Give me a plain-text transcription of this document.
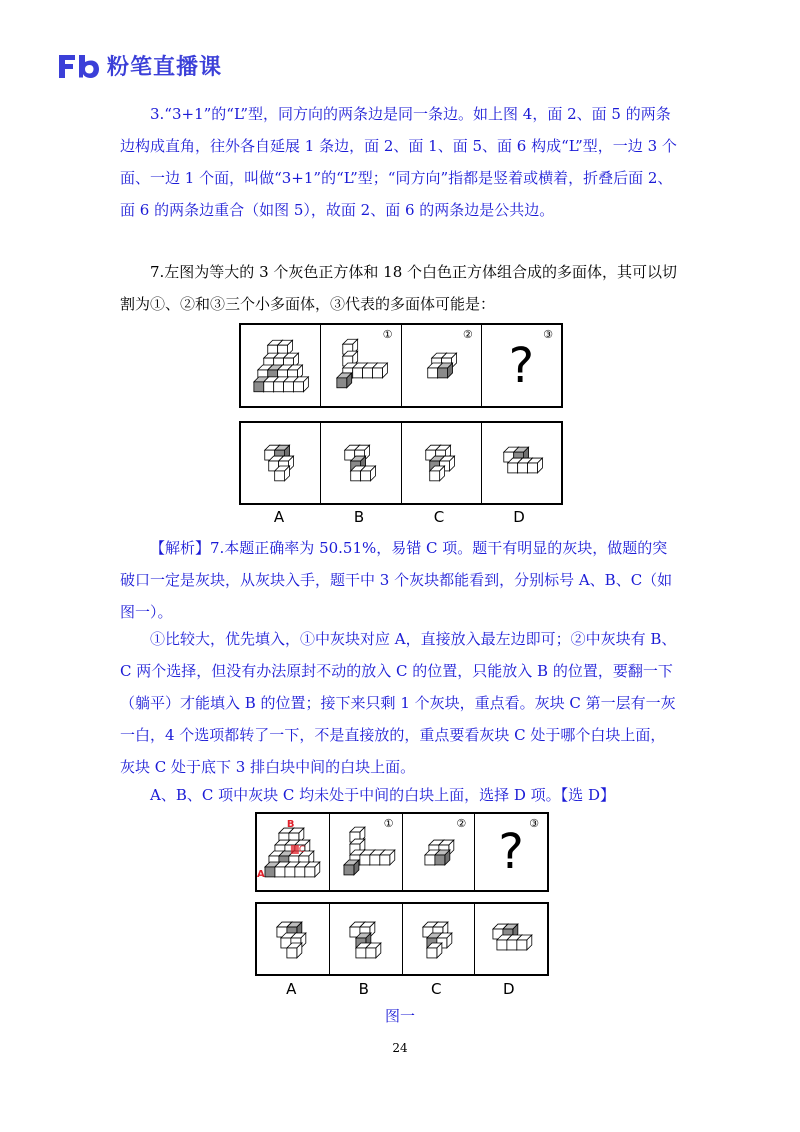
粉笔直播课
3.“3+1”的“L”型，同方向的两条边是同一条边。如上图 4，面 2、面 5 的两条边构成直角，往外各自延展 1 条边，面 2、面 1、面 5、面 6 构成“L”型，一边 3 个面、一边 1 个面，叫做“3+1”的“L”型；“同方向”指都是竖着或横着，折叠后面 2、面 6 的两条边重合（如图 5），故面 2、面 6 的两条边是公共边。
7.左图为等大的 3 个灰色正方体和 18 个白色正方体组合成的多面体，其可以切割为①、②和③三个小多面体，③代表的多面体可能是：
①	②	③
?
A	B	C	D
【解析】7.本题正确率为 50.51%，易错 C 项。题干有明显的灰块，做题的突破口一定是灰块，从灰块入手，题干中 3 个灰块都能看到，分别标号 A、B、C（如图一）。
①比较大，优先填入，①中灰块对应 A，直接放入最左边即可；②中灰块有 B、C 两个选择，但没有办法原封不动的放入 C 的位置，只能放入 B 的位置，要翻一下（躺平）才能填入 B 的位置；接下来只剩 1 个灰块，重点看。灰块 C 第一层有一灰一白，4 个选项都转了一下，不是直接放的，重点要看灰块 C 处于哪个白块上面，灰块 C 处于底下 3 排白块中间的白块上面。
A、B、C 项中灰块 C 均未处于中间的白块上面，选择 D 项。【选 D】
B
C
A
①	②	③
?
A	B	C	D
图一
24
